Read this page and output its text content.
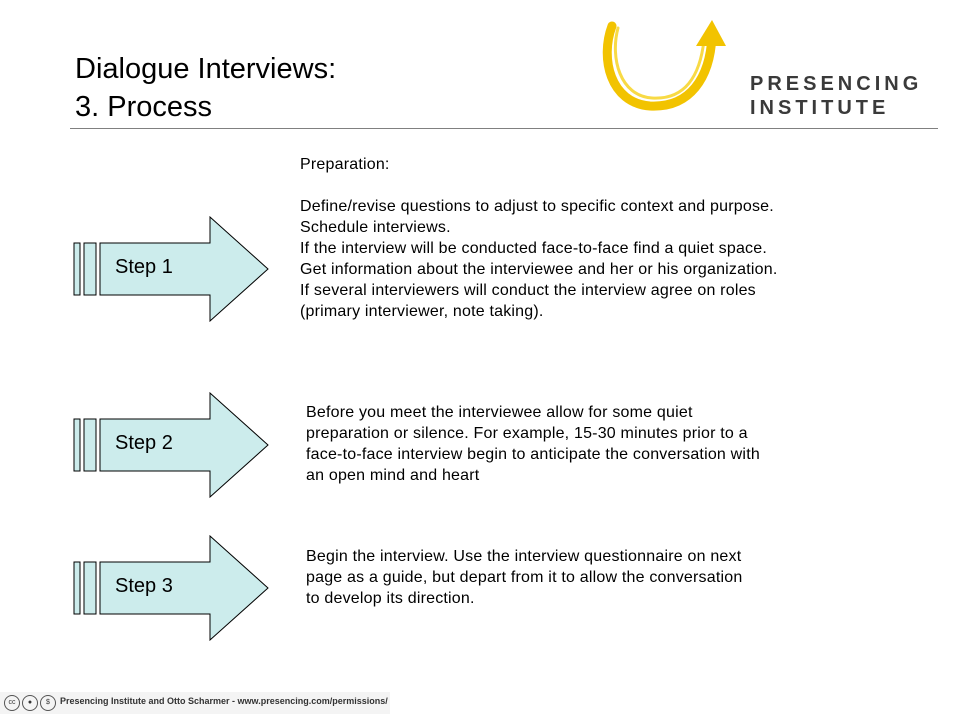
Dialogue Interviews:
3. Process
PRESENCING
INSTITUTE
Step 1
Preparation:
Define/revise questions to adjust to specific context and purpose.
Schedule interviews.
If the interview will be conducted face-to-face find a quiet space.
Get information about the interviewee and her or his organization.
If several interviewers will conduct the interview agree on roles
(primary interviewer, note taking).
Step 2
Before you meet the interviewee allow for some quiet
preparation or silence. For example, 15-30 minutes prior to a
face-to-face interview begin to anticipate the conversation with
an open mind and heart
Step 3
Begin the interview. Use the interview questionnaire on next
page as a guide, but depart from it to allow the conversation
to develop its direction.
cc	●	$	Presencing Institute and Otto Scharmer - www.presencing.com/permissions/
